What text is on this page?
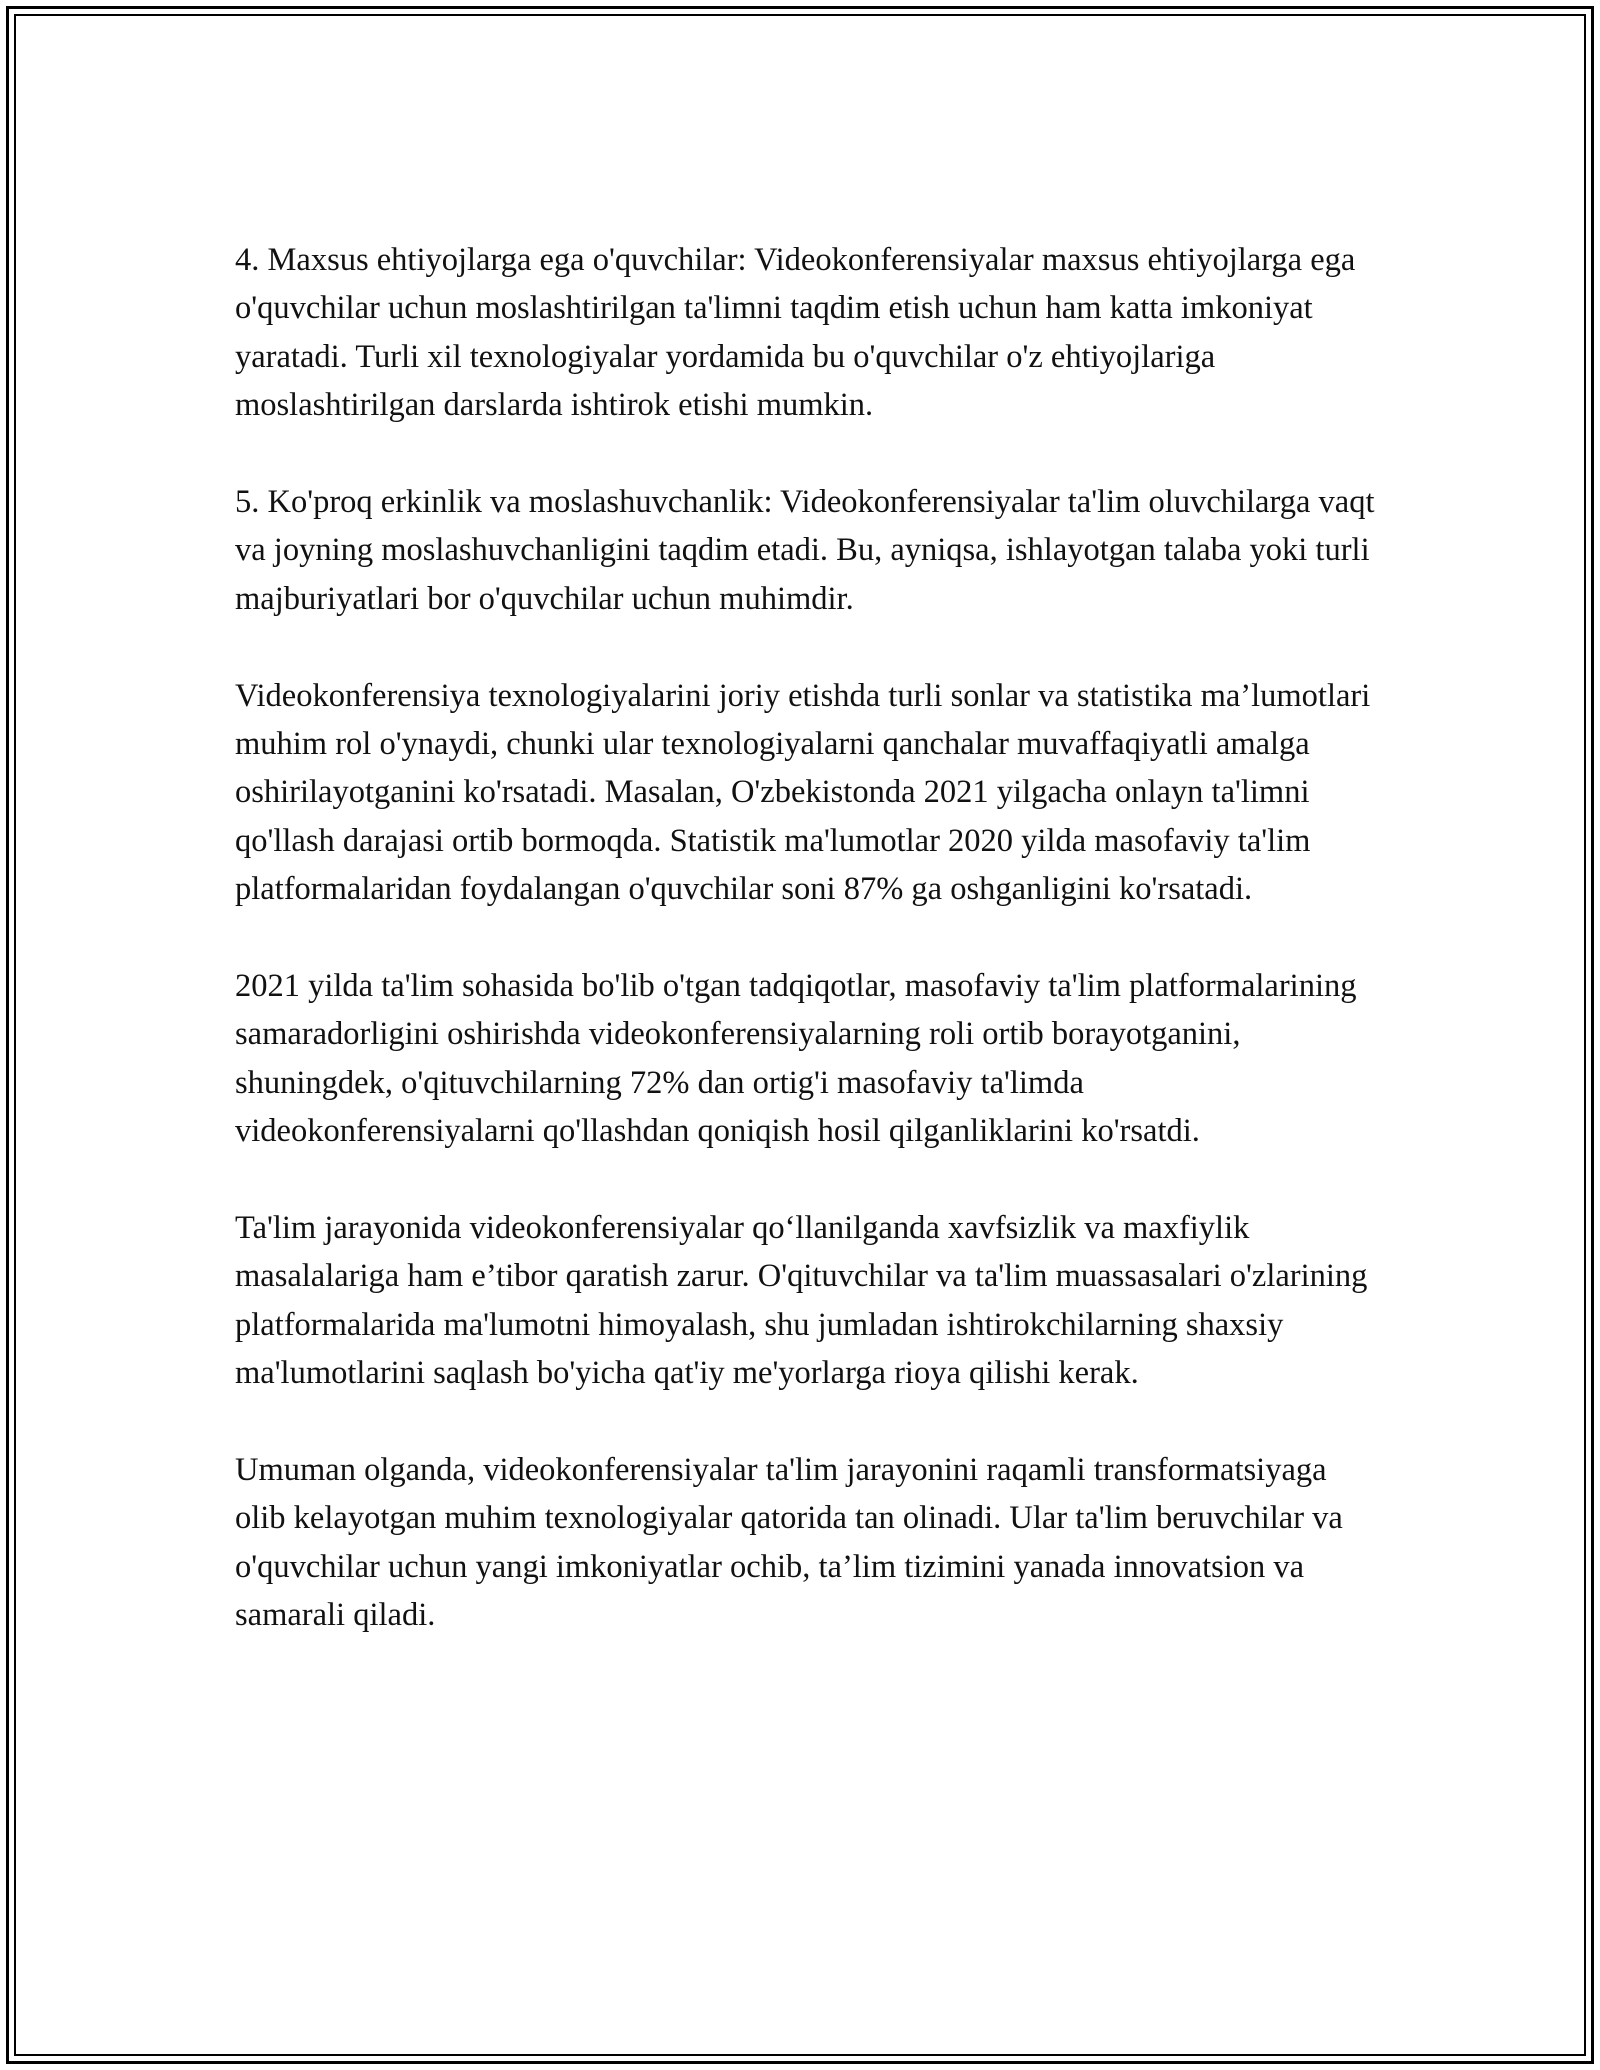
4. Maxsus ehtiyojlarga ega o'quvchilar: Videokonferensiyalar maxsus ehtiyojlarga ega o'quvchilar uchun moslashtirilgan ta'limni taqdim etish uchun ham katta imkoniyat yaratadi. Turli xil texnologiyalar yordamida bu o'quvchilar o'z ehtiyojlariga moslashtirilgan darslarda ishtirok etishi mumkin.

5. Ko'proq erkinlik va moslashuvchanlik: Videokonferensiyalar ta'lim oluvchilarga vaqt va joyning moslashuvchanligini taqdim etadi. Bu, ayniqsa, ishlayotgan talaba yoki turli majburiyatlari bor o'quvchilar uchun muhimdir.

Videokonferensiya texnologiyalarini joriy etishda turli sonlar va statistika ma’lumotlari muhim rol o'ynaydi, chunki ular texnologiyalarni qanchalar muvaffaqiyatli amalga oshirilayotganini ko'rsatadi. Masalan, O'zbekistonda 2021 yilgacha onlayn ta'limni qo'llash darajasi ortib bormoqda. Statistik ma'lumotlar 2020 yilda masofaviy ta'lim platformalaridan foydalangan o'quvchilar soni 87% ga oshganligini ko'rsatadi.

2021 yilda ta'lim sohasida bo'lib o'tgan tadqiqotlar, masofaviy ta'lim platformalarining samaradorligini oshirishda videokonferensiyalarning roli ortib borayotganini, shuningdek, o'qituvchilarning 72% dan ortig'i masofaviy ta'limda videokonferensiyalarni qo'llashdan qoniqish hosil qilganliklarini ko'rsatdi.

Ta'lim jarayonida videokonferensiyalar qo‘llanilganda xavfsizlik va maxfiylik masalalariga ham e’tibor qaratish zarur. O'qituvchilar va ta'lim muassasalari o'zlarining platformalarida ma'lumotni himoyalash, shu jumladan ishtirokchilarning shaxsiy ma'lumotlarini saqlash bo'yicha qat'iy me'yorlarga rioya qilishi kerak.

Umuman olganda, videokonferensiyalar ta'lim jarayonini raqamli transformatsiyaga olib kelayotgan muhim texnologiyalar qatorida tan olinadi. Ular ta'lim beruvchilar va o'quvchilar uchun yangi imkoniyatlar ochib, ta’lim tizimini yanada innovatsion va samarali qiladi.
